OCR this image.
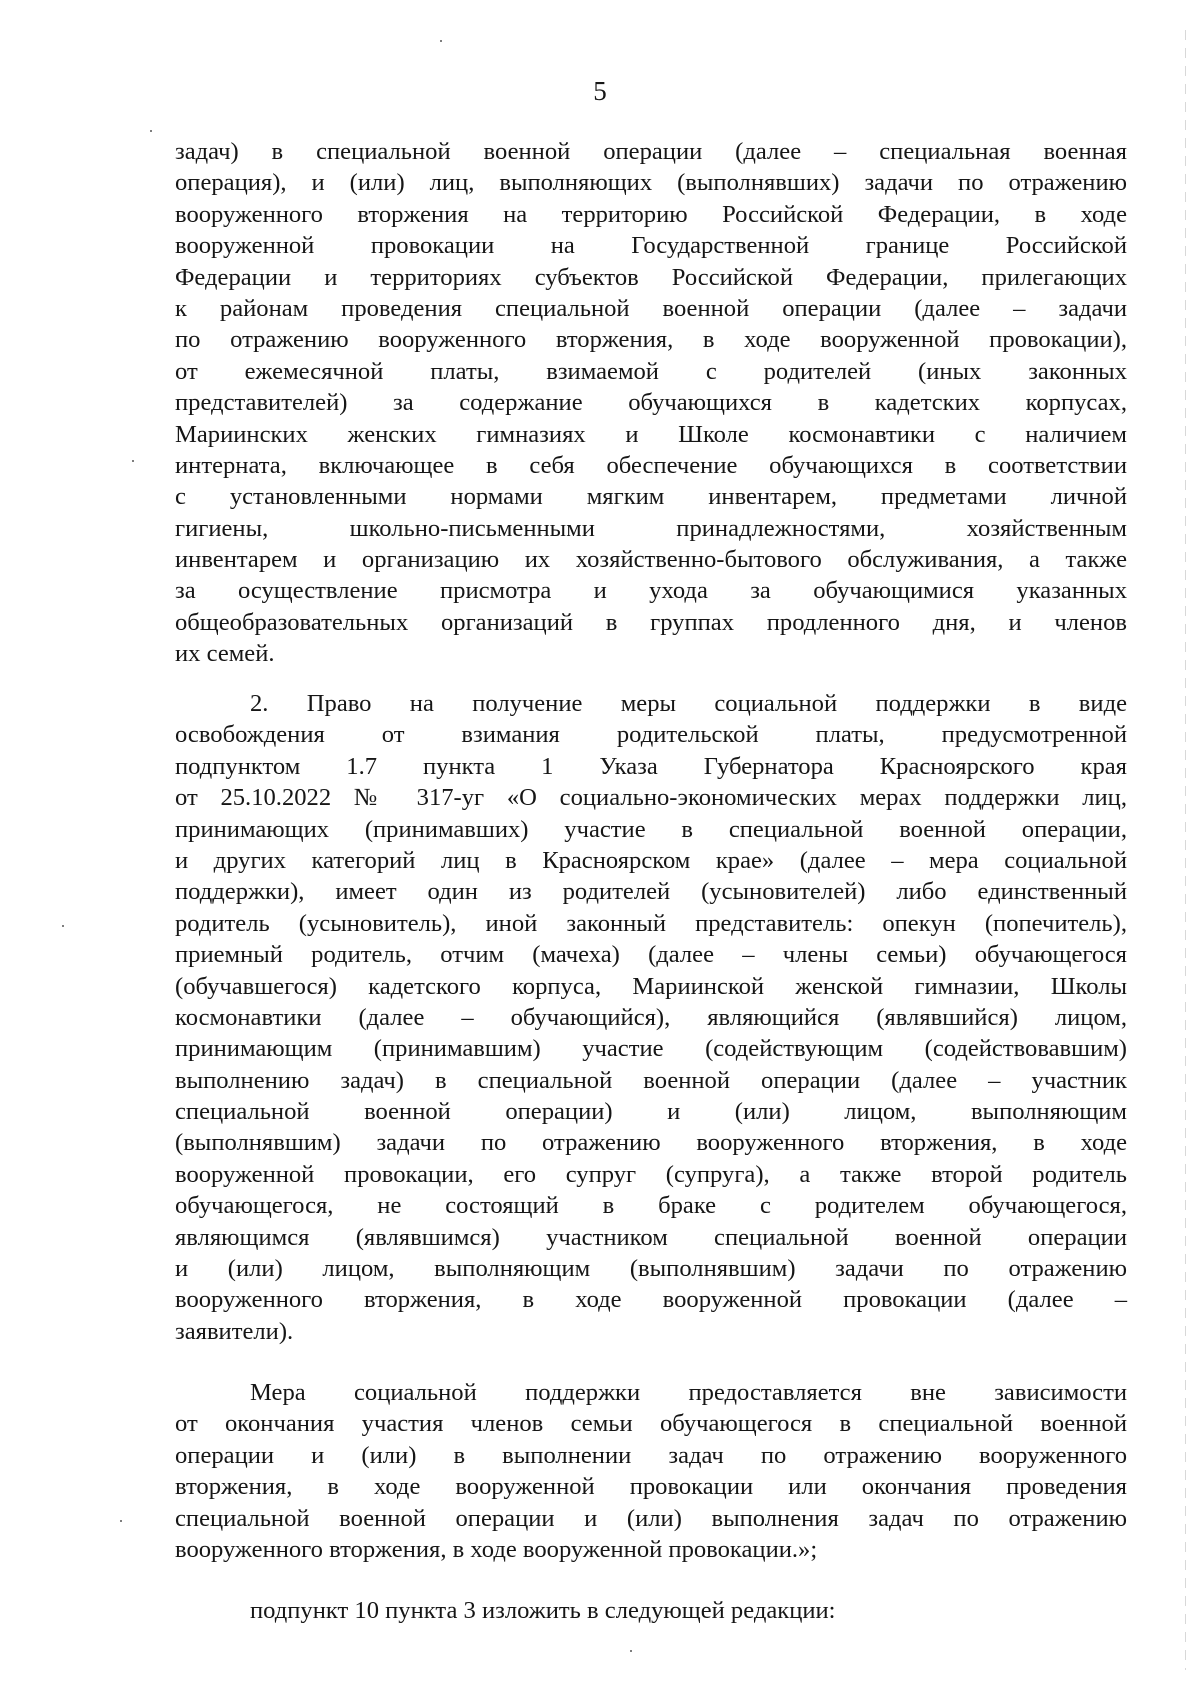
5
задач) в специальной военной операции (далее – специальная военная
операция), и (или) лиц, выполняющих (выполнявших) задачи по отражению
вооруженного вторжения на территорию Российской Федерации, в ходе
вооруженной провокации на Государственной границе Российской
Федерации и территориях субъектов Российской Федерации, прилегающих
к районам проведения специальной военной операции (далее – задачи
по отражению вооруженного вторжения, в ходе вооруженной провокации),
от ежемесячной платы, взимаемой с родителей (иных законных
представителей) за содержание обучающихся в кадетских корпусах,
Мариинских женских гимназиях и Школе космонавтики с наличием
интерната, включающее в себя обеспечение обучающихся в соответствии
с установленными нормами мягким инвентарем, предметами личной
гигиены, школьно-письменными принадлежностями, хозяйственным
инвентарем и организацию их хозяйственно-бытового обслуживания, а также
за осуществление присмотра и ухода за обучающимися указанных
общеобразовательных организаций в группах продленного дня, и членов
их семей.
2. Право на получение меры социальной поддержки в виде
освобождения от взимания родительской платы, предусмотренной
подпунктом 1.7 пункта 1 Указа Губернатора Красноярского края
от 25.10.2022 № 317-уг «О социально-экономических мерах поддержки лиц,
принимающих (принимавших) участие в специальной военной операции,
и других категорий лиц в Красноярском крае» (далее – мера социальной
поддержки), имеет один из родителей (усыновителей) либо единственный
родитель (усыновитель), иной законный представитель: опекун (попечитель),
приемный родитель, отчим (мачеха) (далее – члены семьи) обучающегося
(обучавшегося) кадетского корпуса, Мариинской женской гимназии, Школы
космонавтики (далее – обучающийся), являющийся (являвшийся) лицом,
принимающим (принимавшим) участие (содействующим (содействовавшим)
выполнению задач) в специальной военной операции (далее – участник
специальной военной операции) и (или) лицом, выполняющим
(выполнявшим) задачи по отражению вооруженного вторжения, в ходе
вооруженной провокации, его супруг (супруга), а также второй родитель
обучающегося, не состоящий в браке с родителем обучающегося,
являющимся (являвшимся) участником специальной военной операции
и (или) лицом, выполняющим (выполнявшим) задачи по отражению
вооруженного вторжения, в ходе вооруженной провокации (далее –
заявители).
Мера социальной поддержки предоставляется вне зависимости
от окончания участия членов семьи обучающегося в специальной военной
операции и (или) в выполнении задач по отражению вооруженного
вторжения, в ходе вооруженной провокации или окончания проведения
специальной военной операции и (или) выполнения задач по отражению
вооруженного вторжения, в ходе вооруженной провокации.»;
подпункт 10 пункта 3 изложить в следующей редакции:
